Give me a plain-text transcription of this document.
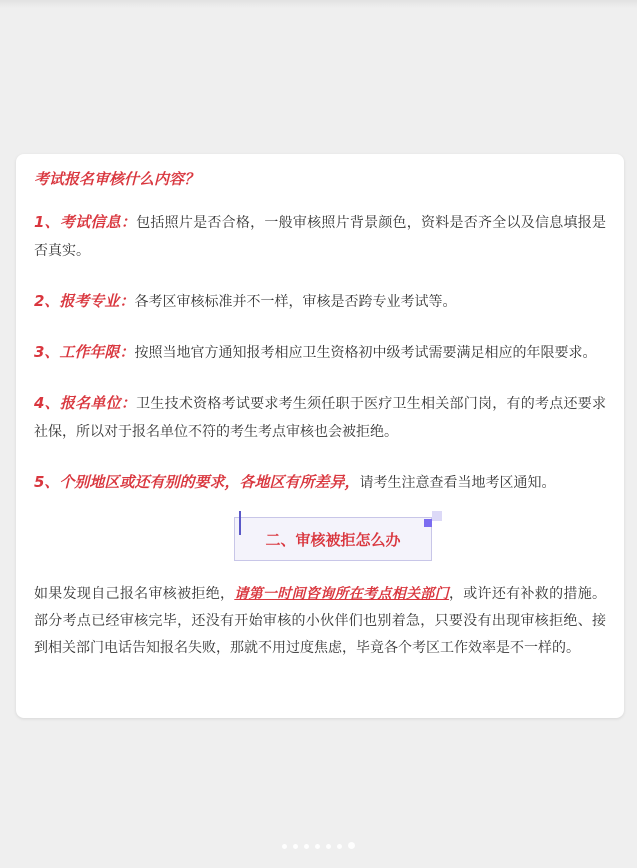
考试报名审核什么内容？

1、考试信息：包括照片是否合格，一般审核照片背景颜色，资料是否齐全以及信息填报是否真实。

2、报考专业：各考区审核标准并不一样，审核是否跨专业考试等。

3、工作年限：按照当地官方通知报考相应卫生资格初中级考试需要满足相应的年限要求。

4、报名单位：卫生技术资格考试要求考生须任职于医疗卫生相关部门岗，有的考点还要求社保，所以对于报名单位不符的考生考点审核也会被拒绝。

5、个别地区或还有别的要求，各地区有所差异，请考生注意查看当地考区通知。

二、审核被拒怎么办

如果发现自己报名审核被拒绝，请第一时间咨询所在考点相关部门，或许还有补救的措施。部分考点已经审核完毕，还没有开始审核的小伙伴们也别着急，只要没有出现审核拒绝、接到相关部门电话告知报名失败，那就不用过度焦虑，毕竟各个考区工作效率是不一样的。
